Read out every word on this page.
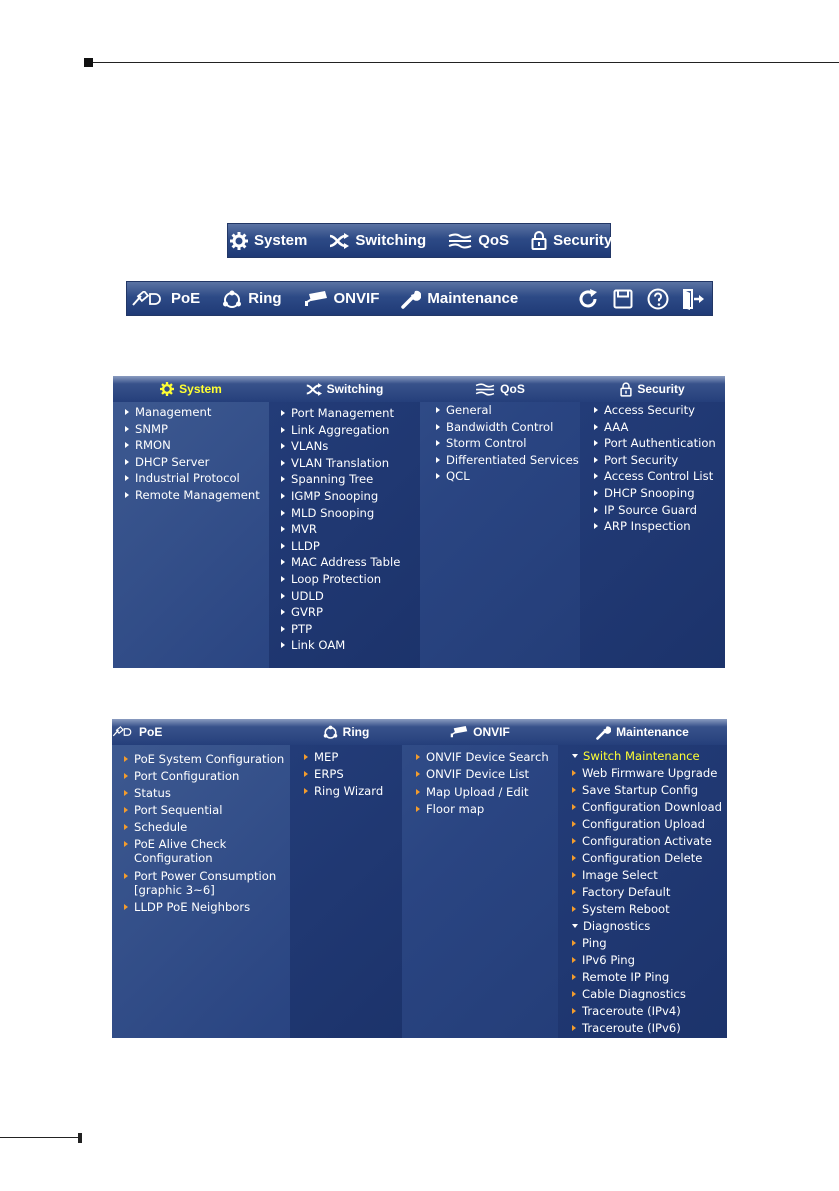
System	Switching	QoS	Security
PoE	Ring	ONVIF	Maintenance
System	Switching	QoS	Security
Management
SNMP
RMON
DHCP Server
Industrial Protocol
Remote Management
Port Management
Link Aggregation
VLANs
VLAN Translation
Spanning Tree
IGMP Snooping
MLD Snooping
MVR
LLDP
MAC Address Table
Loop Protection
UDLD
GVRP
PTP
Link OAM
General
Bandwidth Control
Storm Control
Differentiated Services
QCL
Access Security
AAA
Port Authentication
Port Security
Access Control List
DHCP Snooping
IP Source Guard
ARP Inspection
PoE	Ring	ONVIF	Maintenance
PoE System Configuration
Port Configuration
Status
Port Sequential
Schedule
PoE Alive Check
Port Power Consumption
LLDP PoE Neighbors
Configuration
[graphic 3~6]
MEP
ERPS
Ring Wizard
ONVIF Device Search
ONVIF Device List
Map Upload / Edit
Floor map
Switch Maintenance
Web Firmware Upgrade
Save Startup Config
Configuration Download
Configuration Upload
Configuration Activate
Configuration Delete
Image Select
Factory Default
System Reboot
Diagnostics
Ping
IPv6 Ping
Remote IP Ping
Cable Diagnostics
Traceroute (IPv4)
Traceroute (IPv6)
